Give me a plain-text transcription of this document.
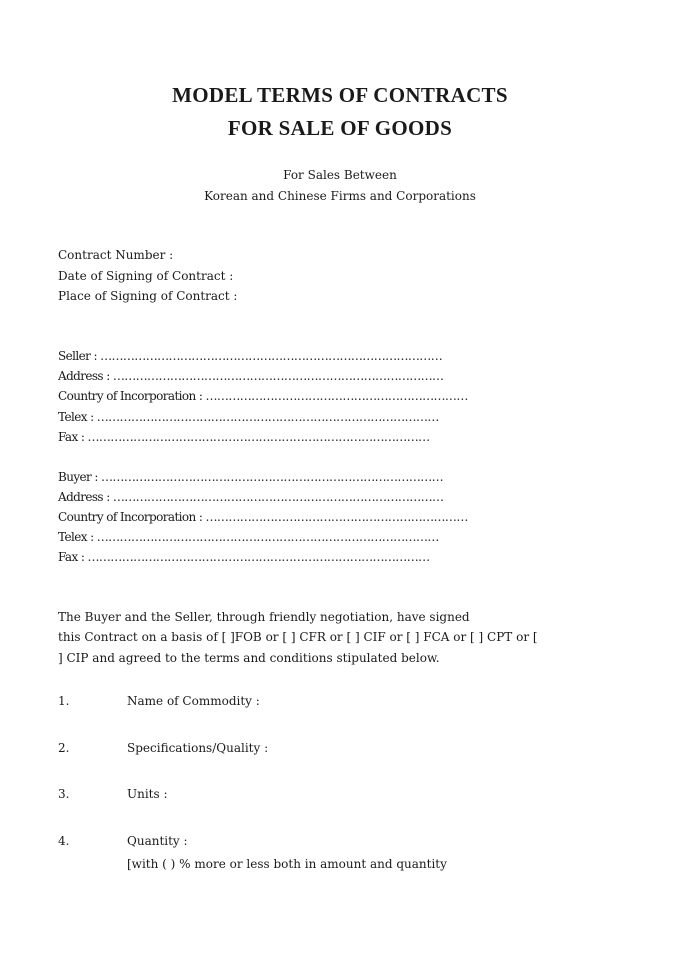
MODEL TERMS OF CONTRACTS
FOR SALE OF GOODS
For Sales Between
Korean and Chinese Firms and Corporations
Contract Number :
Date of Signing of Contract :
Place of Signing of Contract :
Seller : ………………………………………………………………………………
Address : ……………………………………………………………………………
Country of Incorporation : ……………………………………………………………
Telex : ………………………………………………………………………………
Fax : ………………………………………………………………………………
Buyer : ………………………………………………………………………………
Address : ……………………………………………………………………………
Country of Incorporation : ……………………………………………………………
Telex : ………………………………………………………………………………
Fax : ………………………………………………………………………………
The Buyer and the Seller, through friendly negotiation, have signed
this Contract on a basis of [ ]FOB or [ ] CFR or [ ] CIF or [ ] FCA or [ ] CPT or [
] CIP and agreed to the terms and conditions stipulated below.
1.	Name of Commodity :
2.	Specifications/Quality :
3.	Units :
4.	Quantity :
[with ( ) % more or less both in amount and quantity
